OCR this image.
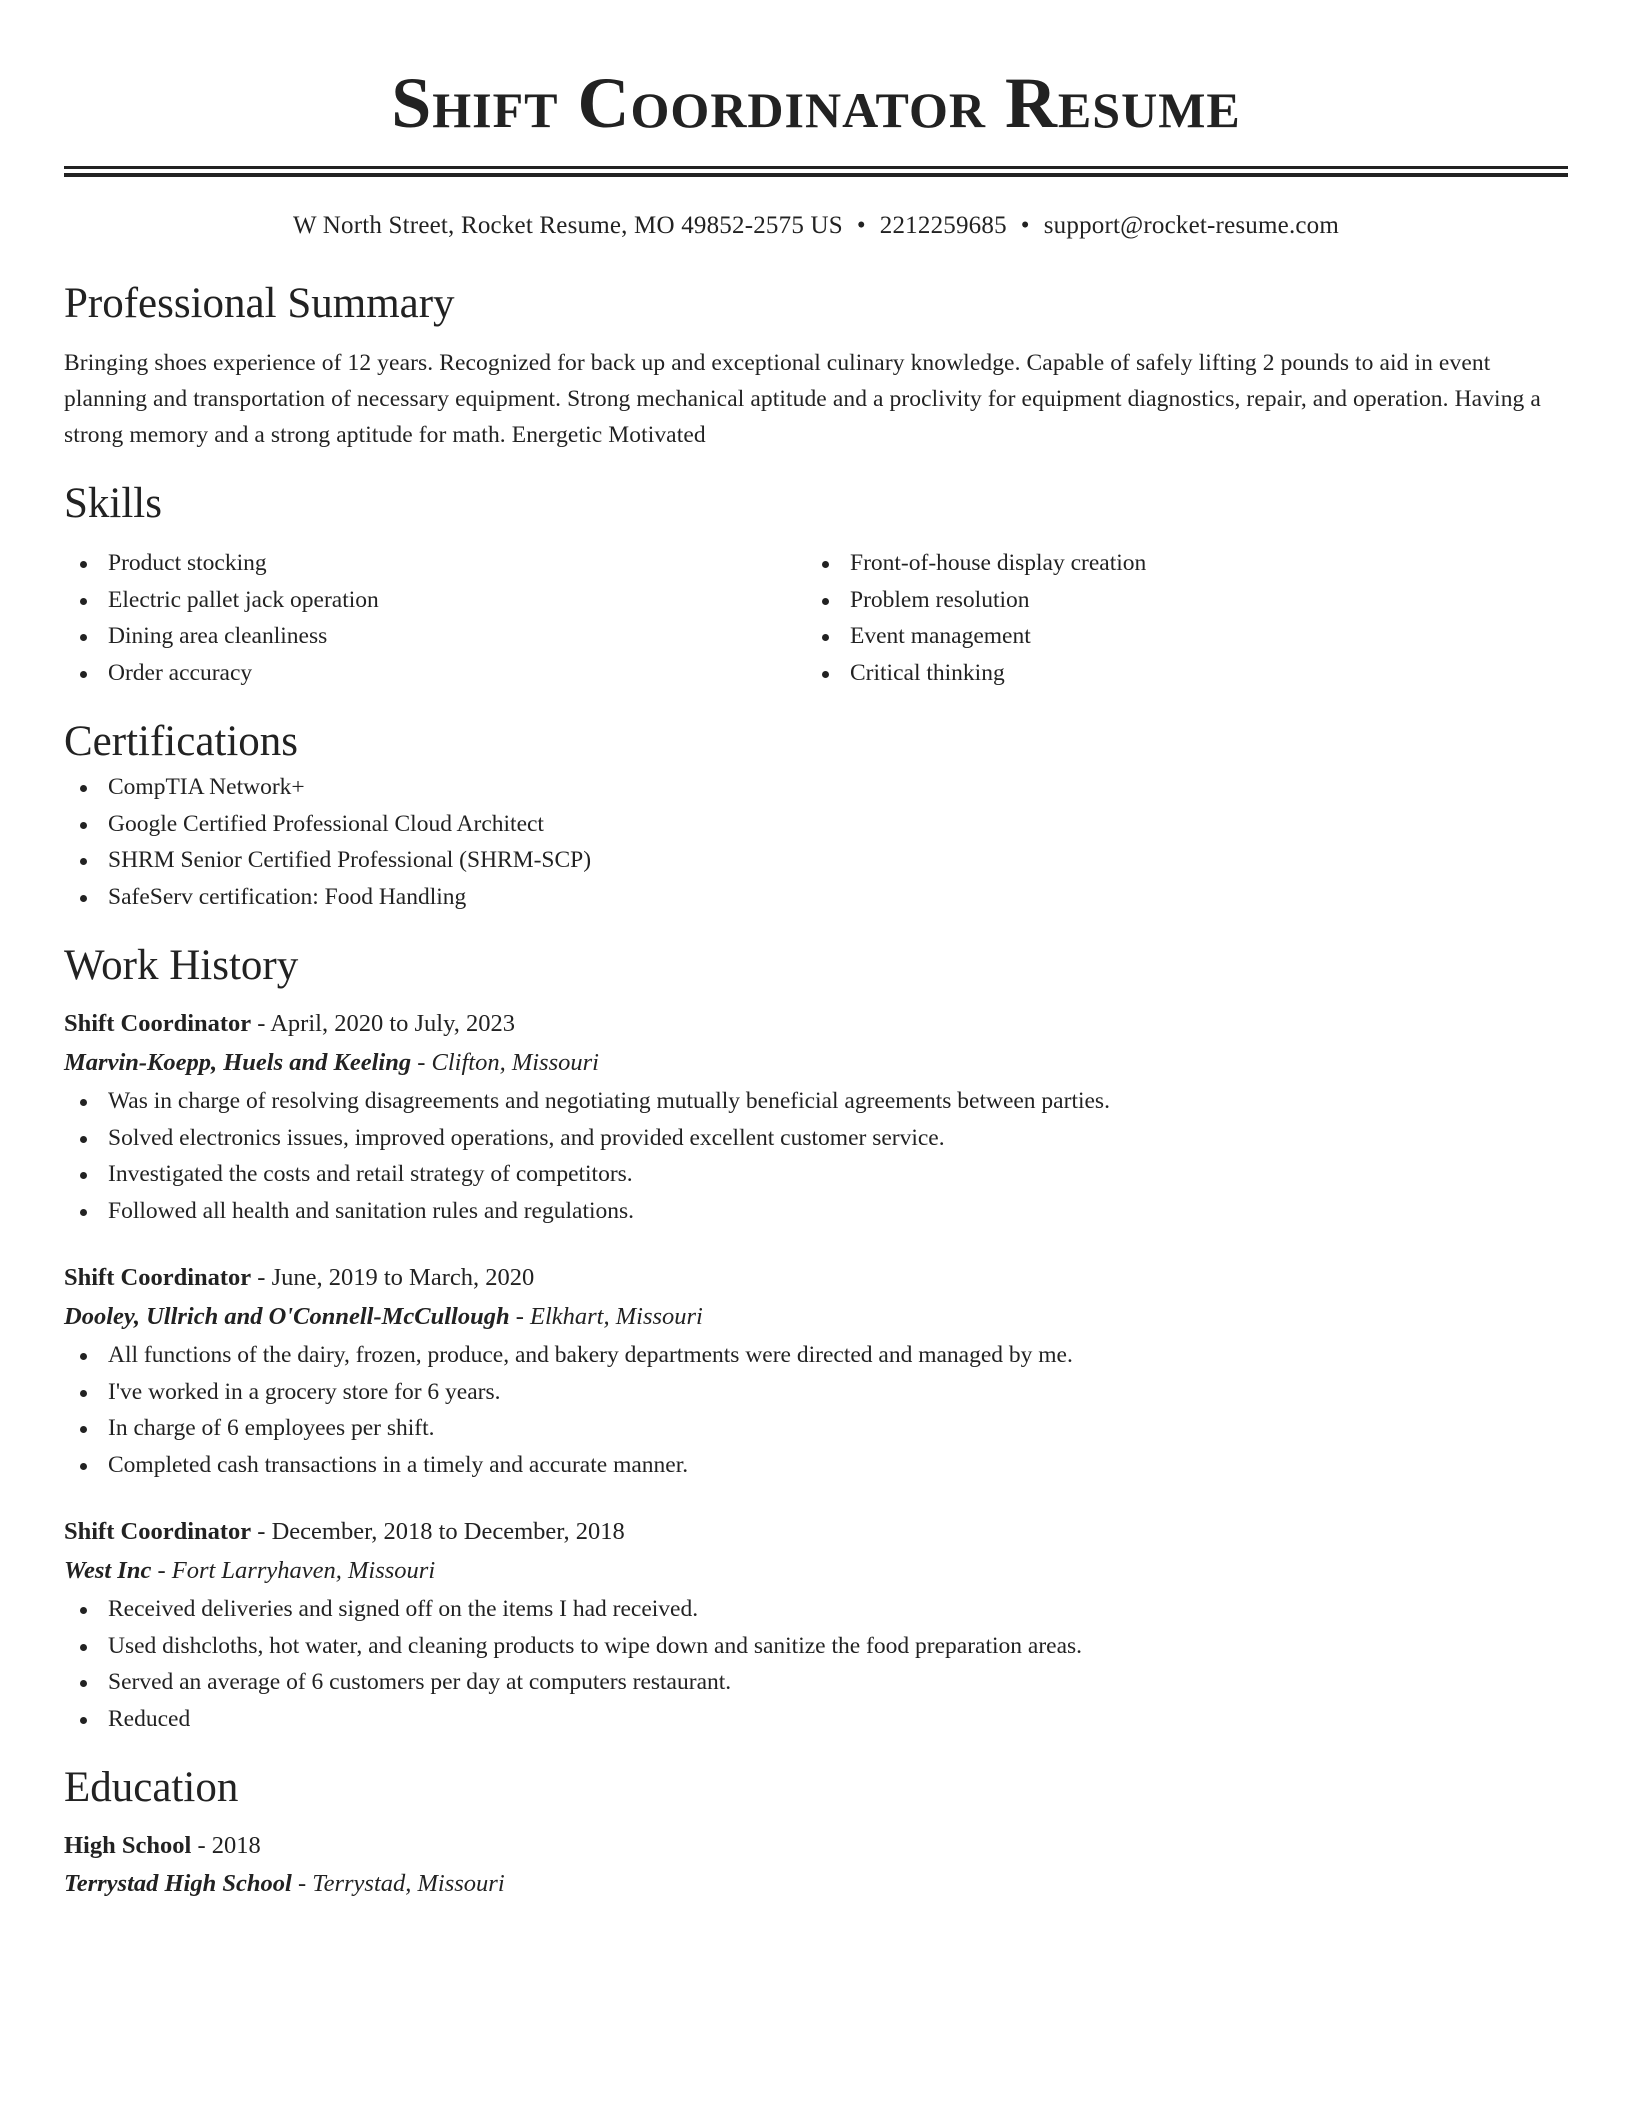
Shift Coordinator Resume
W North Street, Rocket Resume, MO 49852-2575 US • 2212259685 • support@rocket-resume.com
Professional Summary

Bringing shoes experience of 12 years. Recognized for back up and exceptional culinary knowledge. Capable of safely lifting 2 pounds to aid in event planning and transportation of necessary equipment. Strong mechanical aptitude and a proclivity for equipment diagnostics, repair, and operation. Having a strong memory and a strong aptitude for math. Energetic Motivated

Skills
Product stocking
Electric pallet jack operation
Dining area cleanliness
Order accuracy
Front-of-house display creation
Problem resolution
Event management
Critical thinking
Certifications
CompTIA Network+
Google Certified Professional Cloud Architect
SHRM Senior Certified Professional (SHRM-SCP)
SafeServ certification: Food Handling
Work History
Shift Coordinator - April, 2020 to July, 2023
Marvin-Koepp, Huels and Keeling - Clifton, Missouri
Was in charge of resolving disagreements and negotiating mutually beneficial agreements between parties.
Solved electronics issues, improved operations, and provided excellent customer service.
Investigated the costs and retail strategy of competitors.
Followed all health and sanitation rules and regulations.
Shift Coordinator - June, 2019 to March, 2020
Dooley, Ullrich and O'Connell-McCullough - Elkhart, Missouri
All functions of the dairy, frozen, produce, and bakery departments were directed and managed by me.
I've worked in a grocery store for 6 years.
In charge of 6 employees per shift.
Completed cash transactions in a timely and accurate manner.
Shift Coordinator - December, 2018 to December, 2018
West Inc - Fort Larryhaven, Missouri
Received deliveries and signed off on the items I had received.
Used dishcloths, hot water, and cleaning products to wipe down and sanitize the food preparation areas.
Served an average of 6 customers per day at computers restaurant.
Reduced
Education
High School - 2018
Terrystad High School - Terrystad, Missouri
